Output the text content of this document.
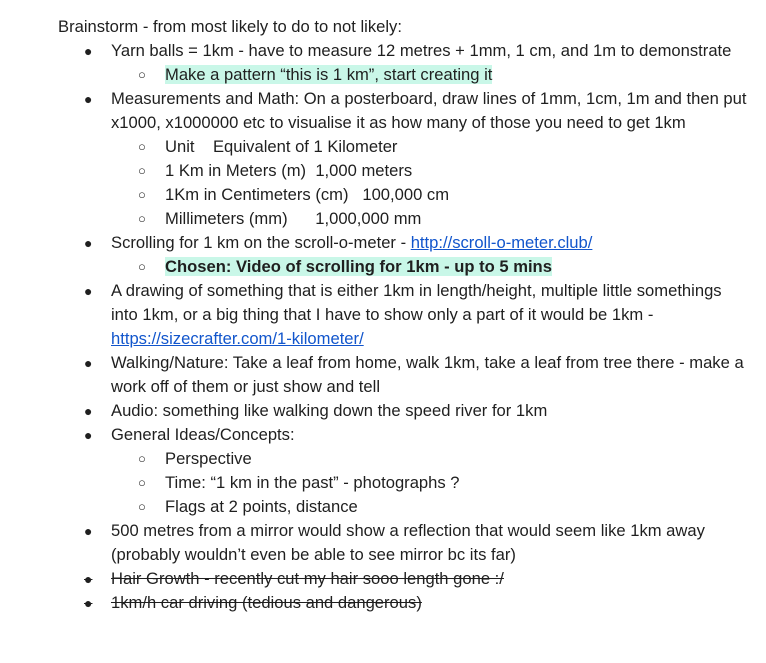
Brainstorm - from most likely to do to not likely:
●	Yarn balls = 1km - have to measure 12 metres + 1mm, 1 cm, and 1m to demonstrate
○	Make a pattern “this is 1 km”, start creating it
●	Measurements and Math: On a posterboard, draw lines of 1mm, 1cm, 1m and then put x1000, x1000000 etc to visualise it as how many of those you need to get 1km
○	Unit Equivalent of 1 Kilometer
○	1 Km in Meters (m) 1,000 meters
○	1Km in Centimeters (cm) 100,000 cm
○	Millimeters (mm) 1,000,000 mm
●	Scrolling for 1 km on the scroll-o-meter - http://scroll-o-meter.club/
○	Chosen: Video of scrolling for 1km - up to 5 mins
●	A drawing of something that is either 1km in length/height, multiple little somethings into 1km, or a big thing that I have to show only a part of it would be 1km - https://sizecrafter.com/1-kilometer/
●	Walking/Nature: Take a leaf from home, walk 1km, take a leaf from tree there - make a work off of them or just show and tell
●	Audio: something like walking down the speed river for 1km
●	General Ideas/Concepts:
○	Perspective
○	Time: “1 km in the past” - photographs ?
○	Flags at 2 points, distance
●	500 metres from a mirror would show a reflection that would seem like 1km away (probably wouldn’t even be able to see mirror bc its far)
●	Hair Growth - recently cut my hair sooo length gone :/
●	1km/h car driving (tedious and dangerous)
